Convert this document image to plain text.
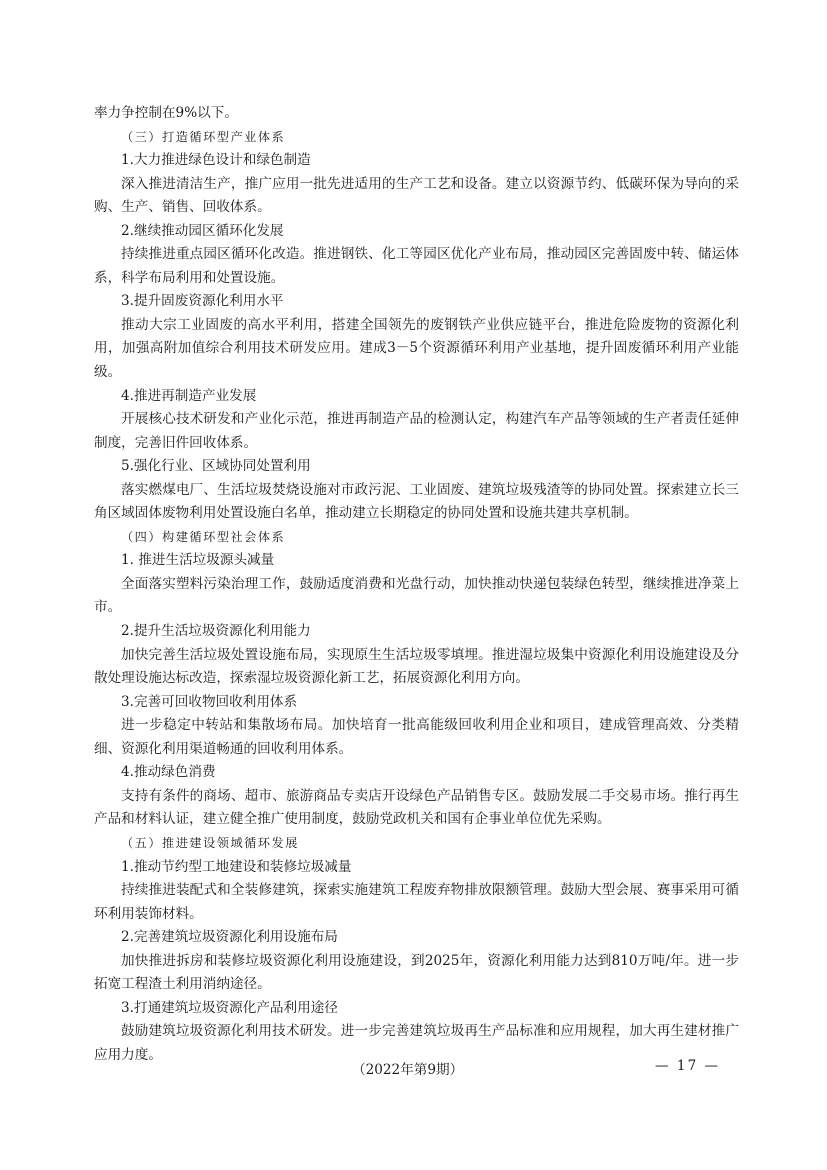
率力争控制在9%以下。

（三）打造循环型产业体系

1.大力推进绿色设计和绿色制造

深入推进清洁生产，推广应用一批先进适用的生产工艺和设备。建立以资源节约、低碳环保为导向的采购、生产、销售、回收体系。

2.继续推动园区循环化发展

持续推进重点园区循环化改造。推进钢铁、化工等园区优化产业布局，推动园区完善固废中转、储运体系，科学布局利用和处置设施。

3.提升固废资源化利用水平

推动大宗工业固废的高水平利用，搭建全国领先的废钢铁产业供应链平台，推进危险废物的资源化利用，加强高附加值综合利用技术研发应用。建成3－5个资源循环利用产业基地，提升固废循环利用产业能级。

4.推进再制造产业发展

开展核心技术研发和产业化示范，推进再制造产品的检测认定，构建汽车产品等领域的生产者责任延伸制度，完善旧件回收体系。

5.强化行业、区域协同处置利用

落实燃煤电厂、生活垃圾焚烧设施对市政污泥、工业固废、建筑垃圾残渣等的协同处置。探索建立长三角区域固体废物利用处置设施白名单，推动建立长期稳定的协同处置和设施共建共享机制。

（四）构建循环型社会体系

1. 推进生活垃圾源头减量

全面落实塑料污染治理工作，鼓励适度消费和光盘行动，加快推动快递包装绿色转型，继续推进净菜上市。

2.提升生活垃圾资源化利用能力

加快完善生活垃圾处置设施布局，实现原生生活垃圾零填埋。推进湿垃圾集中资源化利用设施建设及分散处理设施达标改造，探索湿垃圾资源化新工艺，拓展资源化利用方向。

3.完善可回收物回收利用体系

进一步稳定中转站和集散场布局。加快培育一批高能级回收利用企业和项目，建成管理高效、分类精细、资源化利用渠道畅通的回收利用体系。

4.推动绿色消费

支持有条件的商场、超市、旅游商品专卖店开设绿色产品销售专区。鼓励发展二手交易市场。推行再生产品和材料认证，建立健全推广使用制度，鼓励党政机关和国有企事业单位优先采购。

（五）推进建设领域循环发展

1.推动节约型工地建设和装修垃圾减量

持续推进装配式和全装修建筑，探索实施建筑工程废弃物排放限额管理。鼓励大型会展、赛事采用可循环利用装饰材料。

2.完善建筑垃圾资源化利用设施布局

加快推进拆房和装修垃圾资源化利用设施建设，到2025年，资源化利用能力达到810万吨/年。进一步拓宽工程渣土利用消纳途径。

3.打通建筑垃圾资源化产品利用途径

鼓励建筑垃圾资源化利用技术研发。进一步完善建筑垃圾再生产品标准和应用规程，加大再生建材推广应用力度。

（2022年第9期）	— 17 —
